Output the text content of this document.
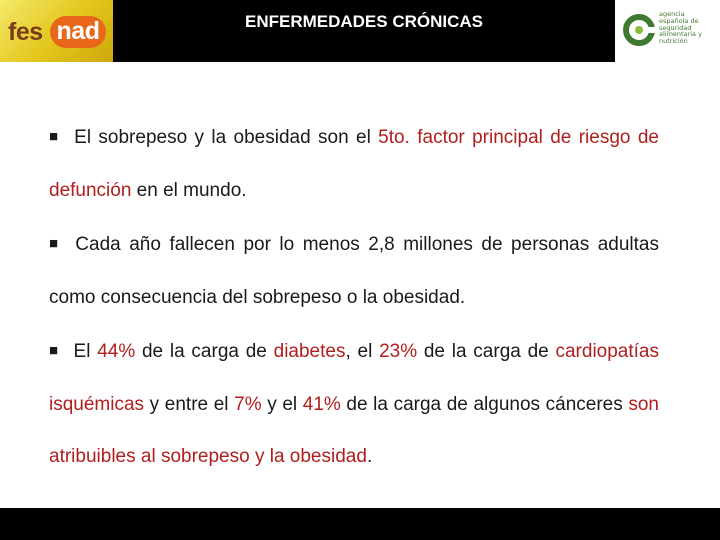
fes nad	ENFERMEDADES CRÓNICAS	agencia
española de
seguridad
alimentaria y
nutrición

■ El sobrepeso y la obesidad son el 5to. factor principal de riesgo de defunción en el mundo.

■ Cada año fallecen por lo menos 2,8 millones de personas adultas como consecuencia del sobrepeso o la obesidad.

■ El 44% de la carga de diabetes, el 23% de la carga de cardiopatías isquémicas y entre el 7% y el 41% de la carga de algunos cánceres son atribuibles al sobrepeso y la obesidad.
